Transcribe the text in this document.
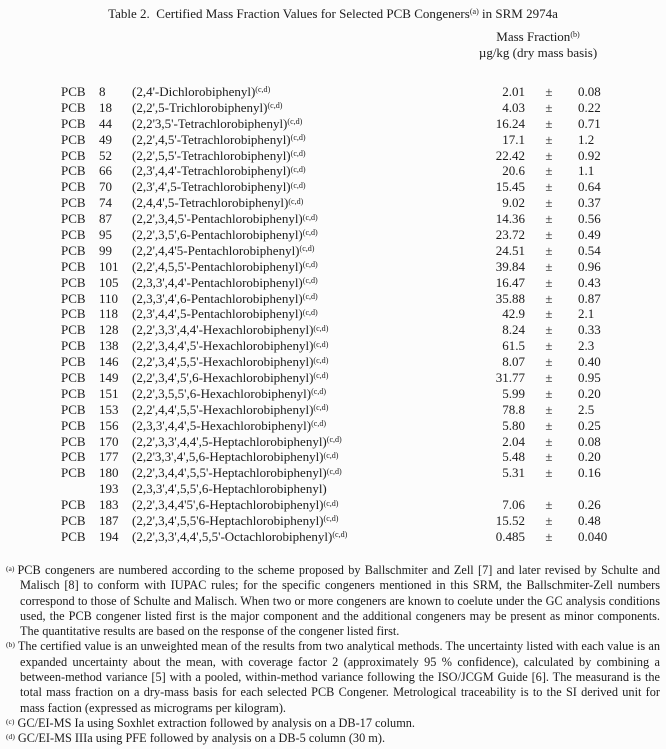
Table 2.  Certified Mass Fraction Values for Selected PCB Congeners$^{(a)}$ in SRM 2974a
Mass Fraction$^{(b)}$
µg/kg (dry mass basis)
PCB	8	(2,4'-Dichlorobiphenyl)$^{(c,d)}$	2.01	±	0.08
PCB	18	(2,2',5-Trichlorobiphenyl)$^{(c,d)}$	4.03	±	0.22
PCB	44	(2,2'3,5'-Tetrachlorobiphenyl)$^{(c,d)}$	16.24	±	0.71
PCB	49	(2,2',4,5'-Tetrachlorobiphenyl)$^{(c,d)}$	17.1	±	1.2
PCB	52	(2,2',5,5'-Tetrachlorobiphenyl)$^{(c,d)}$	22.42	±	0.92
PCB	66	(2,3',4,4'-Tetrachlorobiphenyl)$^{(c,d)}$	20.6	±	1.1
PCB	70	(2,3',4',5-Tetrachlorobiphenyl)$^{(c,d)}$	15.45	±	0.64
PCB	74	(2,4,4',5-Tetrachlorobiphenyl)$^{(c,d)}$	9.02	±	0.37
PCB	87	(2,2',3,4,5'-Pentachlorobiphenyl)$^{(c,d)}$	14.36	±	0.56
PCB	95	(2,2',3,5',6-Pentachlorobiphenyl)$^{(c,d)}$	23.72	±	0.49
PCB	99	(2,2',4,4'5-Pentachlorobiphenyl)$^{(c,d)}$	24.51	±	0.54
PCB	101	(2,2',4,5,5'-Pentachlorobiphenyl)$^{(c,d)}$	39.84	±	0.96
PCB	105	(2,3,3',4,4'-Pentachlorobiphenyl)$^{(c,d)}$	16.47	±	0.43
PCB	110	(2,3,3',4',6-Pentachlorobiphenyl)$^{(c,d)}$	35.88	±	0.87
PCB	118	(2,3',4,4',5-Pentachlorobiphenyl)$^{(c,d)}$	42.9	±	2.1
PCB	128	(2,2',3,3',4,4'-Hexachlorobiphenyl)$^{(c,d)}$	8.24	±	0.33
PCB	138	(2,2',3,4,4',5'-Hexachlorobiphenyl)$^{(c,d)}$	61.5	±	2.3
PCB	146	(2,2',3,4',5,5'-Hexachlorobiphenyl)$^{(c,d)}$	8.07	±	0.40
PCB	149	(2,2',3,4',5',6-Hexachlorobiphenyl)$^{(c,d)}$	31.77	±	0.95
PCB	151	(2,2',3,5,5',6-Hexachlorobiphenyl)$^{(c,d)}$	5.99	±	0.20
PCB	153	(2,2',4,4',5,5'-Hexachlorobiphenyl)$^{(c,d)}$	78.8	±	2.5
PCB	156	(2,3,3',4,4',5-Hexachlorobiphenyl)$^{(c,d)}$	5.80	±	0.25
PCB	170	(2,2',3,3',4,4',5-Heptachlorobiphenyl)$^{(c,d)}$	2.04	±	0.08
PCB	177	(2,2'3,3',4',5,6-Heptachlorobiphenyl)$^{(c,d)}$	5.48	±	0.20
PCB	180	(2,2',3,4,4',5,5'-Heptachlorobiphenyl)$^{(c,d)}$	5.31	±	0.16
193	(2,3,3',4',5,5',6-Heptachlorobiphenyl)
PCB	183	(2,2',3,4,4'5',6-Heptachlorobiphenyl)$^{(c,d)}$	7.06	±	0.26
PCB	187	(2,2',3,4',5,5'6-Heptachlorobiphenyl)$^{(c,d)}$	15.52	±	0.48
PCB	194	(2,2',3,3',4,4',5,5'-Octachlorobiphenyl)$^{(c,d)}$	0.485	±	0.040
$^{(a)}$ PCB congeners are numbered according to the scheme proposed by Ballschmiter and Zell [7] and later revised by Schulte and Malisch [8] to conform with IUPAC rules; for the specific congeners mentioned in this SRM, the Ballschmiter-Zell numbers correspond to those of Schulte and Malisch. When two or more congeners are known to coelute under the GC analysis conditions used, the PCB congener listed first is the major component and the additional congeners may be present as minor components. The quantitative results are based on the response of the congener listed first.
$^{(b)}$ The certified value is an unweighted mean of the results from two analytical methods. The uncertainty listed with each value is an expanded uncertainty about the mean, with coverage factor 2 (approximately 95 % confidence), calculated by combining a between-method variance [5] with a pooled, within-method variance following the ISO/JCGM Guide [6]. The measurand is the total mass fraction on a dry-mass basis for each selected PCB Congener. Metrological traceability is to the SI derived unit for mass faction (expressed as micrograms per kilogram).
$^{(c)}$ GC/EI-MS Ia using Soxhlet extraction followed by analysis on a DB-17 column.
$^{(d)}$ GC/EI-MS IIIa using PFE followed by analysis on a DB-5 column (30 m).
